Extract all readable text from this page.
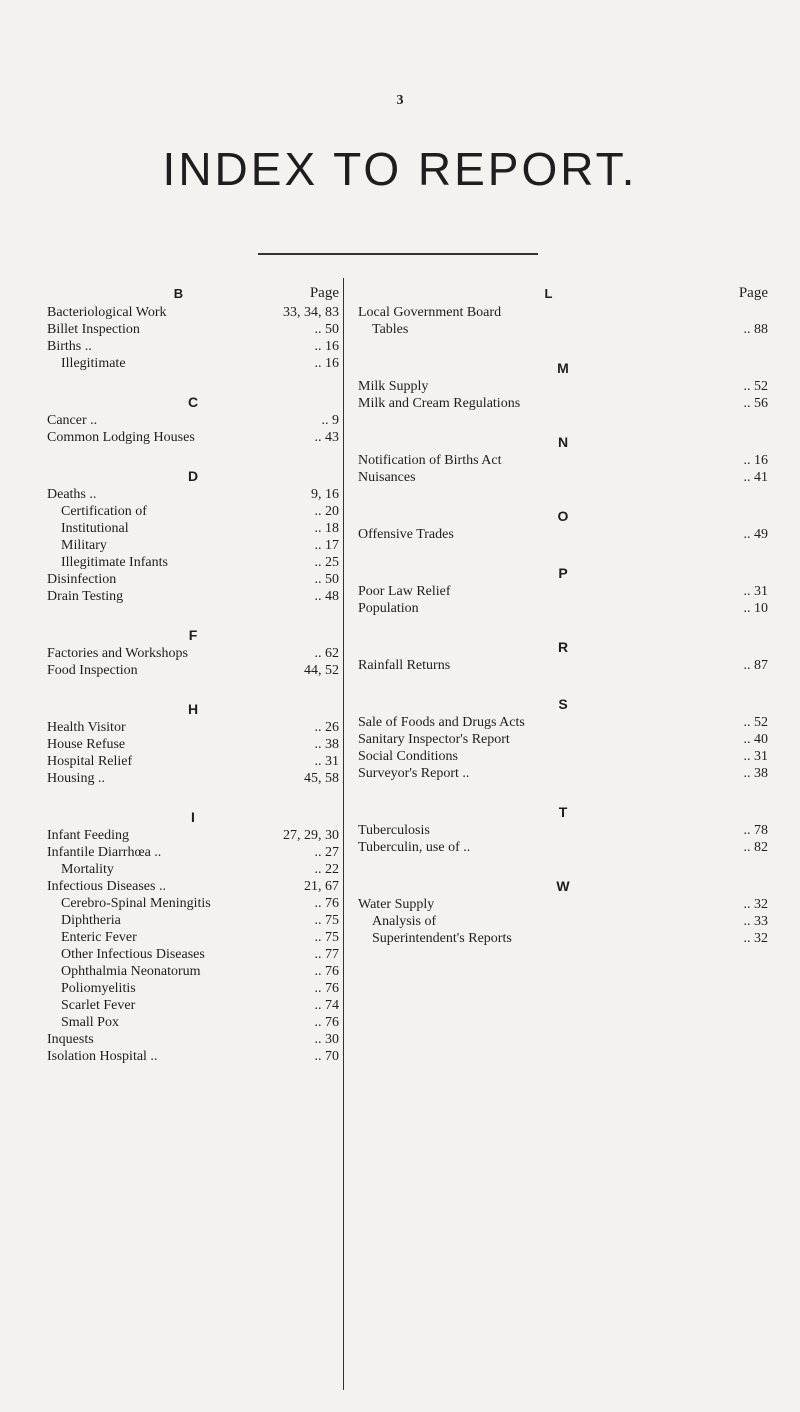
3
INDEX TO REPORT.
B	Page
Bacteriological Work	33, 34, 83
Billet Inspection	.. 50
Births ..	.. 16
Illegitimate	.. 16
C
Cancer ..	.. 9
Common Lodging Houses	.. 43
D
Deaths ..	9, 16
Certification of	.. 20
Institutional	.. 18
Military	.. 17
Illegitimate Infants	.. 25
Disinfection	.. 50
Drain Testing	.. 48
F
Factories and Workshops	.. 62
Food Inspection	44, 52
H
Health Visitor	.. 26
House Refuse	.. 38
Hospital Relief	.. 31
Housing ..	45, 58
I
Infant Feeding	27, 29, 30
Infantile Diarrhœa ..	.. 27
Mortality	.. 22
Infectious Diseases ..	21, 67
Cerebro-Spinal Meningitis	.. 76
Diphtheria	.. 75
Enteric Fever	.. 75
Other Infectious Diseases	.. 77
Ophthalmia Neonatorum	.. 76
Poliomyelitis	.. 76
Scarlet Fever	.. 74
Small Pox	.. 76
Inquests	.. 30
Isolation Hospital ..	.. 70
L	Page
Local Government Board
Tables	.. 88
M
Milk Supply	.. 52
Milk and Cream Regulations	.. 56
N
Notification of Births Act	.. 16
Nuisances	.. 41
O
Offensive Trades	.. 49
P
Poor Law Relief	.. 31
Population	.. 10
R
Rainfall Returns	.. 87
S
Sale of Foods and Drugs Acts	.. 52
Sanitary Inspector's Report	.. 40
Social Conditions	.. 31
Surveyor's Report ..	.. 38
T
Tuberculosis	.. 78
Tuberculin, use of ..	.. 82
W
Water Supply	.. 32
Analysis of	.. 33
Superintendent's Reports	.. 32
